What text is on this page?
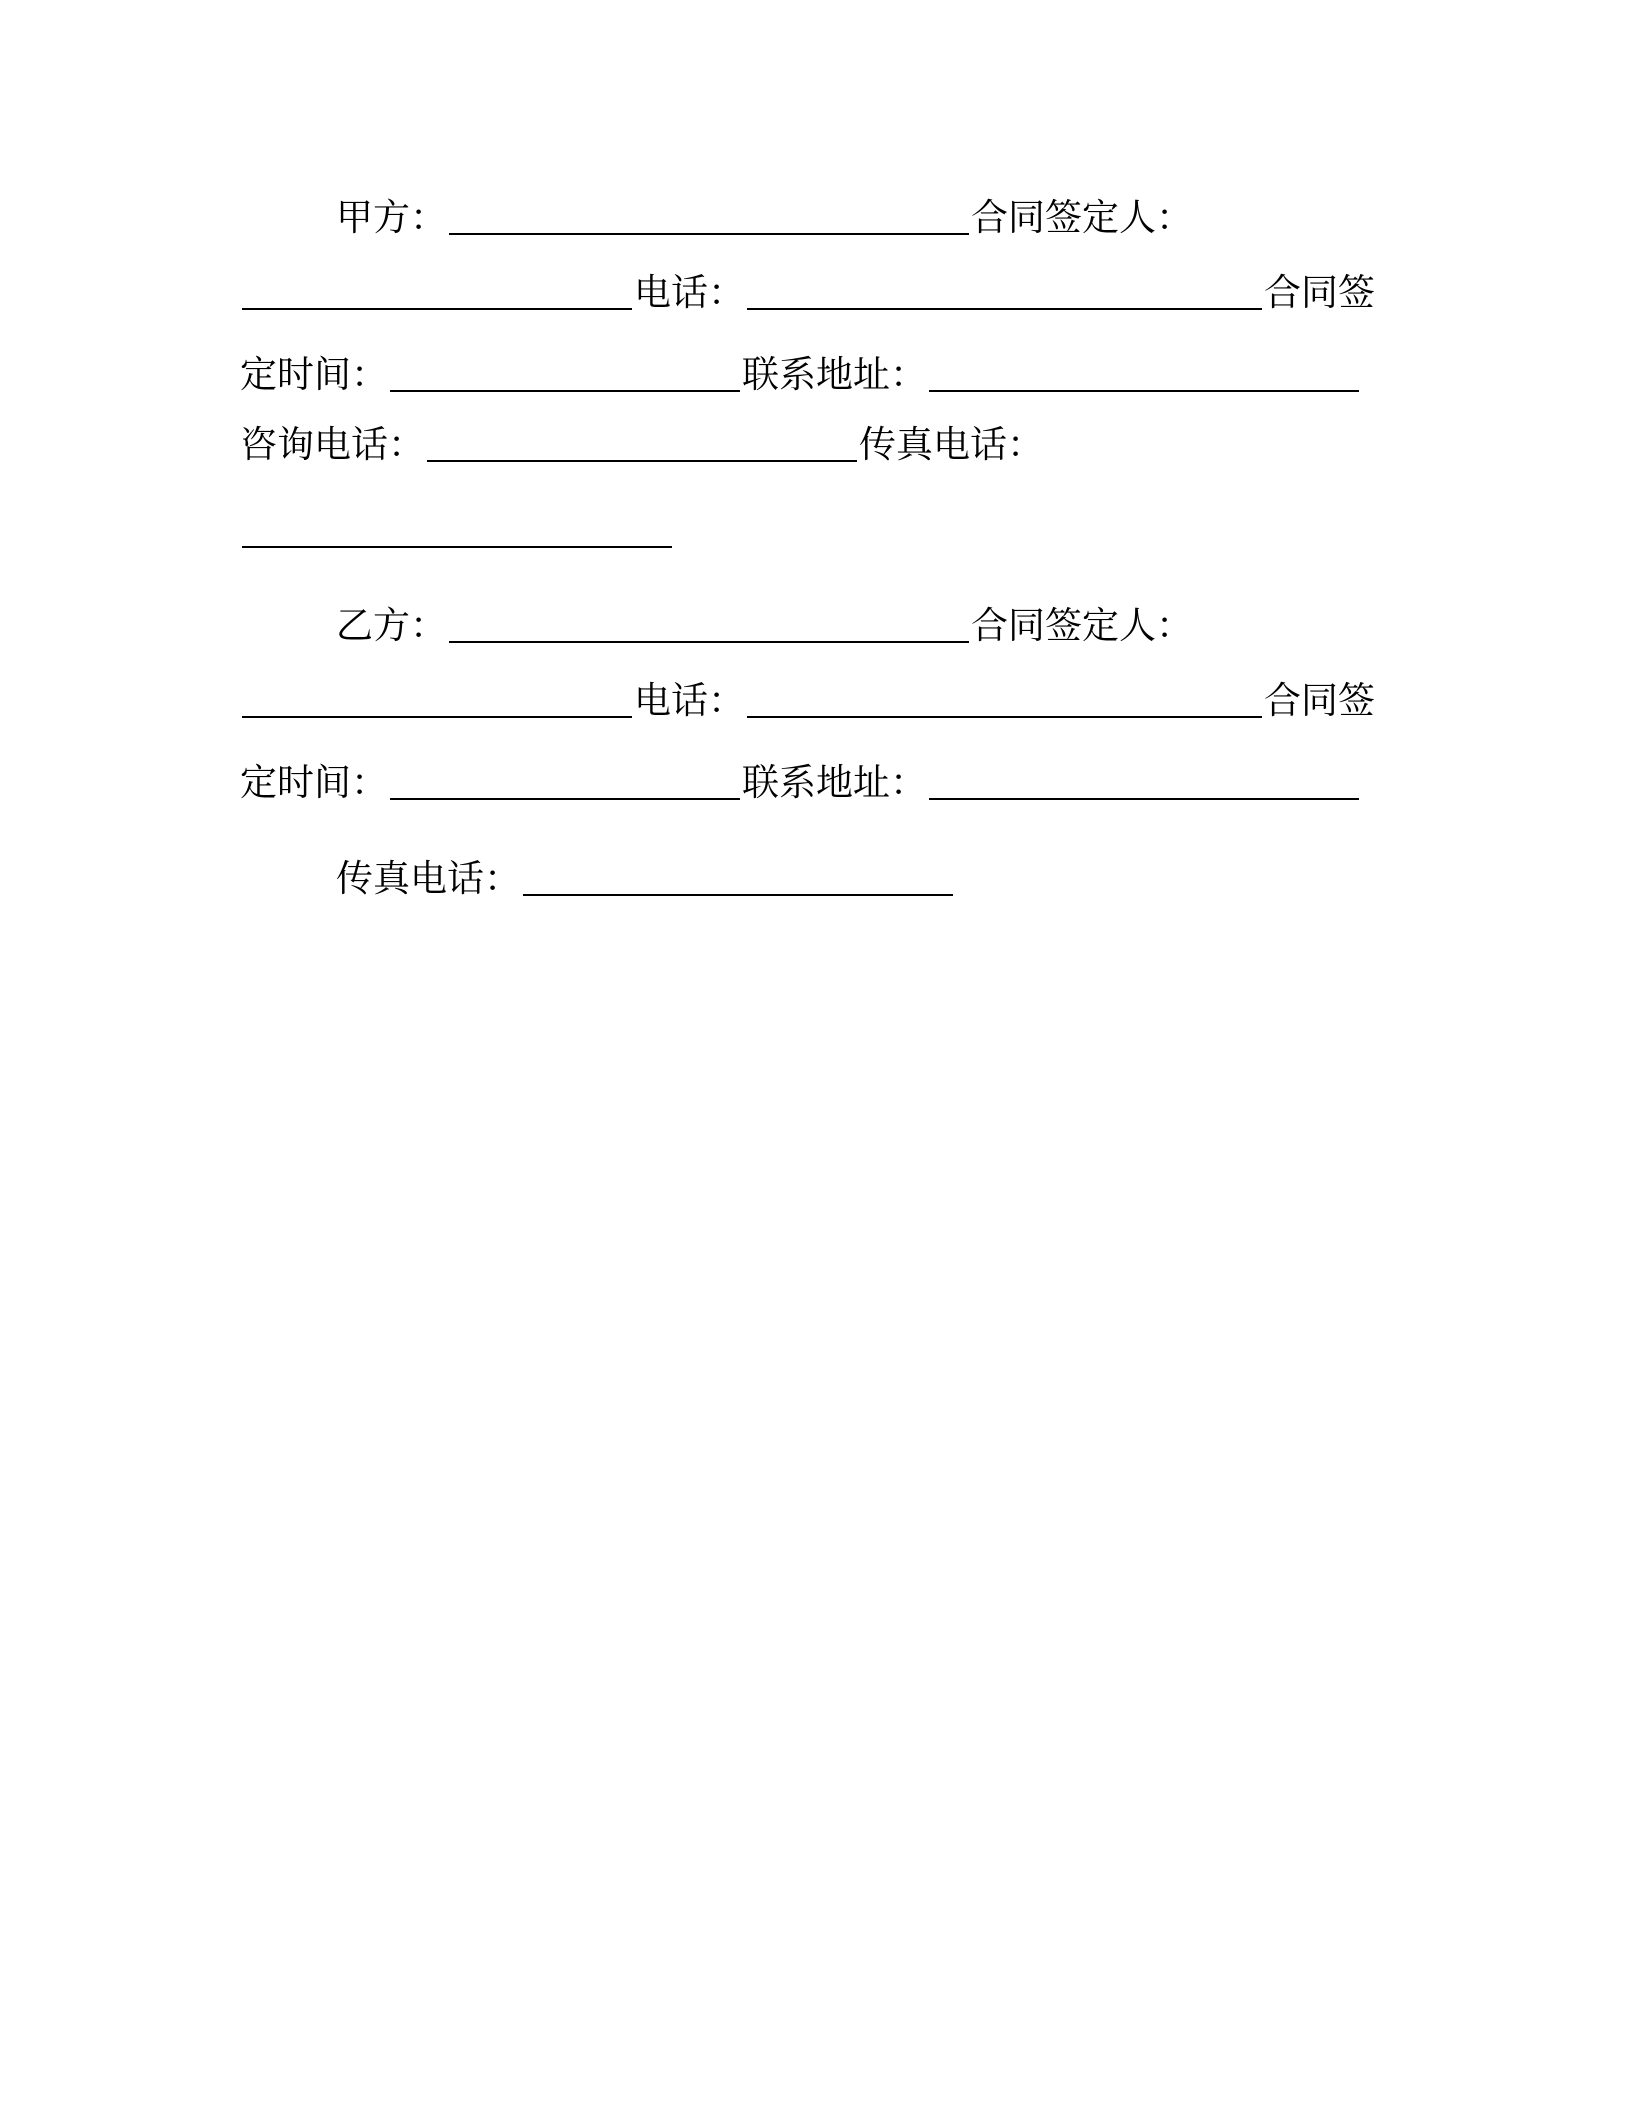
甲方：	合同签定人：
电话：	合同签
定时间：	联系地址：
咨询电话：	传真电话：
乙方：	合同签定人：
电话：	合同签
定时间：	联系地址：
传真电话：
